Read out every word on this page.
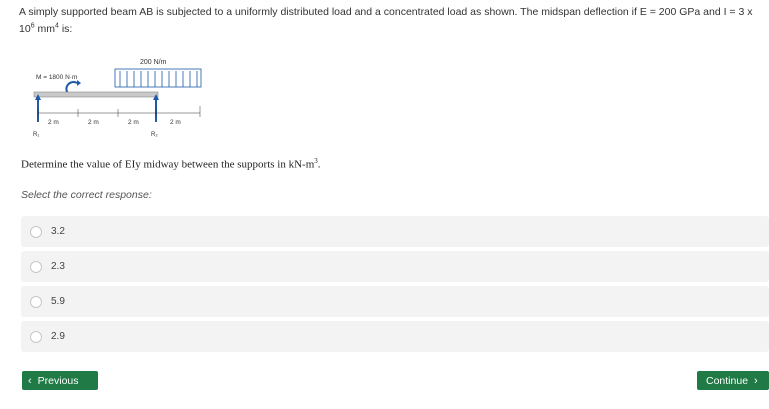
A simply supported beam AB is subjected to a uniformly distributed load and a concentrated load as shown. The midspan deflection if E = 200 GPa and I = 3 x
$10^6$ $mm^4$ is:
200 N/m
M = 1800 N·m
2 m	2 m	2 m	2 m
R₁	R₂
Determine the value of EIy midway between the supports in $kN-m^3$.
Select the correct response:
3.2
2.3
5.9
2.9
‹ Previous	Continue ›
